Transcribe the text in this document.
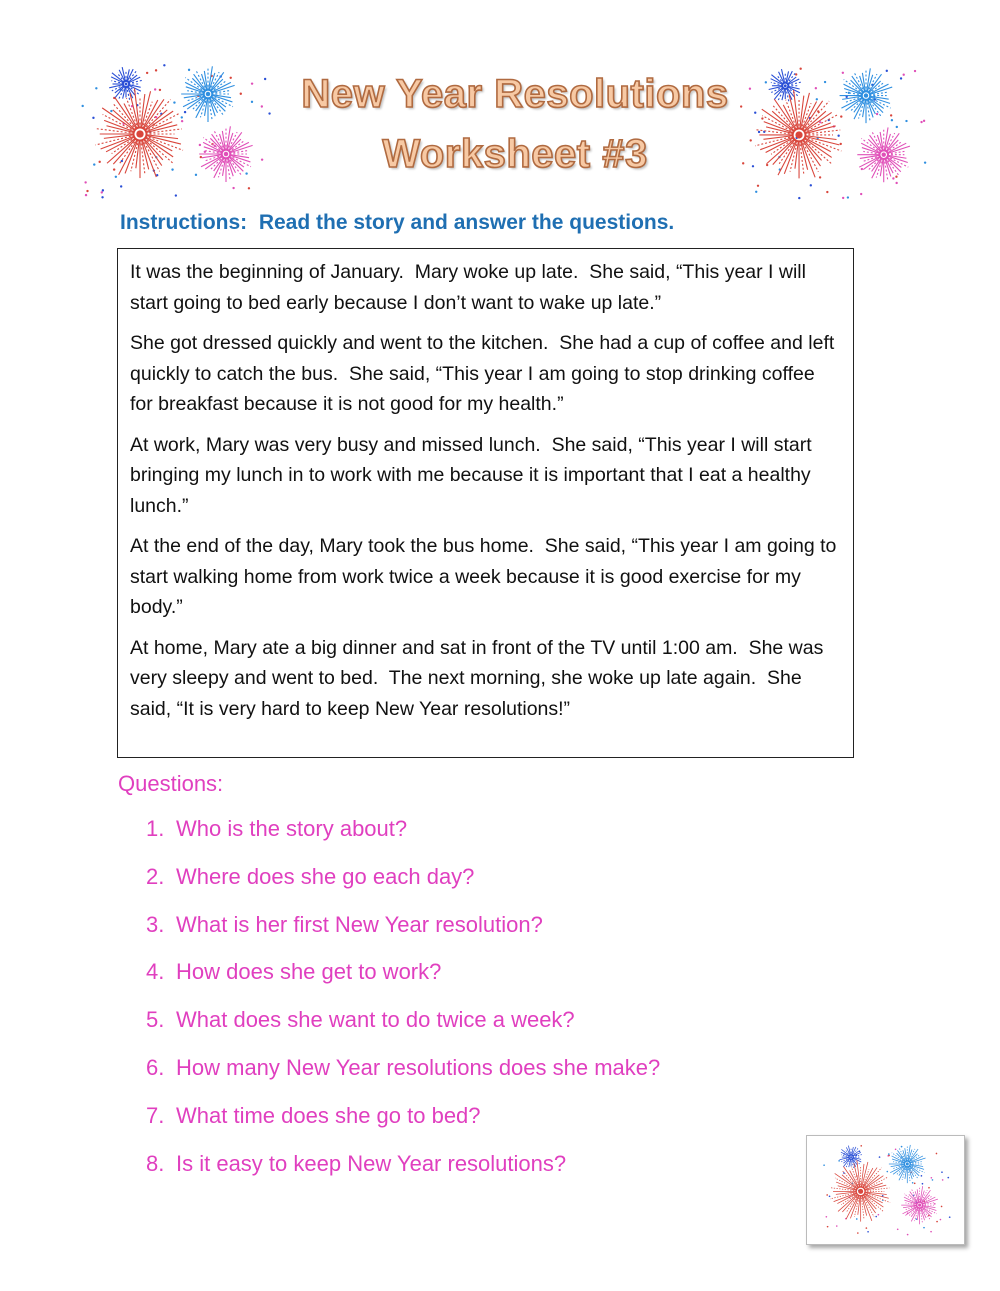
New Year Resolutions
Worksheet #3
Instructions:  Read the story and answer the questions.

It was the beginning of January.  Mary woke up late.  She said, “This year I will start going to bed early because I don’t want to wake up late.”

She got dressed quickly and went to the kitchen.  She had a cup of coffee and left quickly to catch the bus.  She said, “This year I am going to stop drinking coffee for breakfast because it is not good for my health.”

At work, Mary was very busy and missed lunch.  She said, “This year I will start bringing my lunch in to work with me because it is important that I eat a healthy lunch.”

At the end of the day, Mary took the bus home.  She said, “This year I am going to start walking home from work twice a week because it is good exercise for my body.”

At home, Mary ate a big dinner and sat in front of the TV until 1:00 am.  She was very sleepy and went to bed.  The next morning, she woke up late again.  She said, “It is very hard to keep New Year resolutions!”

Questions:
1. Who is the story about?
2. Where does she go each day?
3. What is her first New Year resolution?
4. How does she get to work?
5. What does she want to do twice a week?
6. How many New Year resolutions does she make?
7. What time does she go to bed?
8. Is it easy to keep New Year resolutions?
